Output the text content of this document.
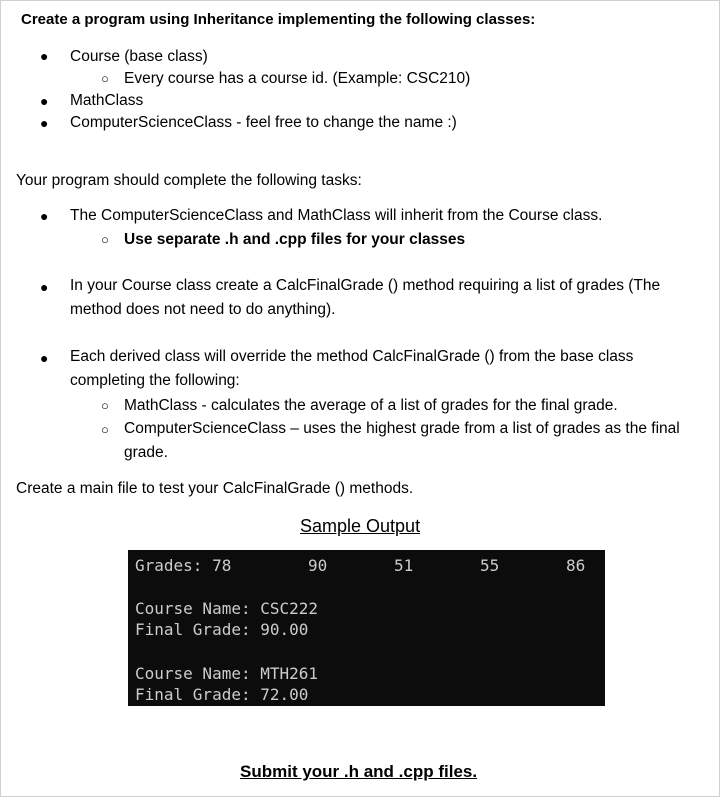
Create a program using Inheritance implementing the following classes:
● Course (base class)
○ Every course has a course id. (Example: CSC210)
● MathClass
● ComputerScienceClass - feel free to change the name :)
Your program should complete the following tasks:
● The ComputerScienceClass and MathClass will inherit from the Course class.
○ Use separate .h and .cpp files for your classes
● In your Course class create a CalcFinalGrade () method requiring a list of grades (The method does not need to do anything).
● Each derived class will override the method CalcFinalGrade () from the base class completing the following:
○ MathClass - calculates the average of a list of grades for the final grade.
○ ComputerScienceClass – uses the highest grade from a list of grades as the final grade.
Create a main file to test your CalcFinalGrade () methods.
Sample Output
Grades: 78	90	51	55	86
Course Name: CSC222
Final Grade: 90.00
Course Name: MTH261
Final Grade: 72.00
Submit your .h and .cpp files.
